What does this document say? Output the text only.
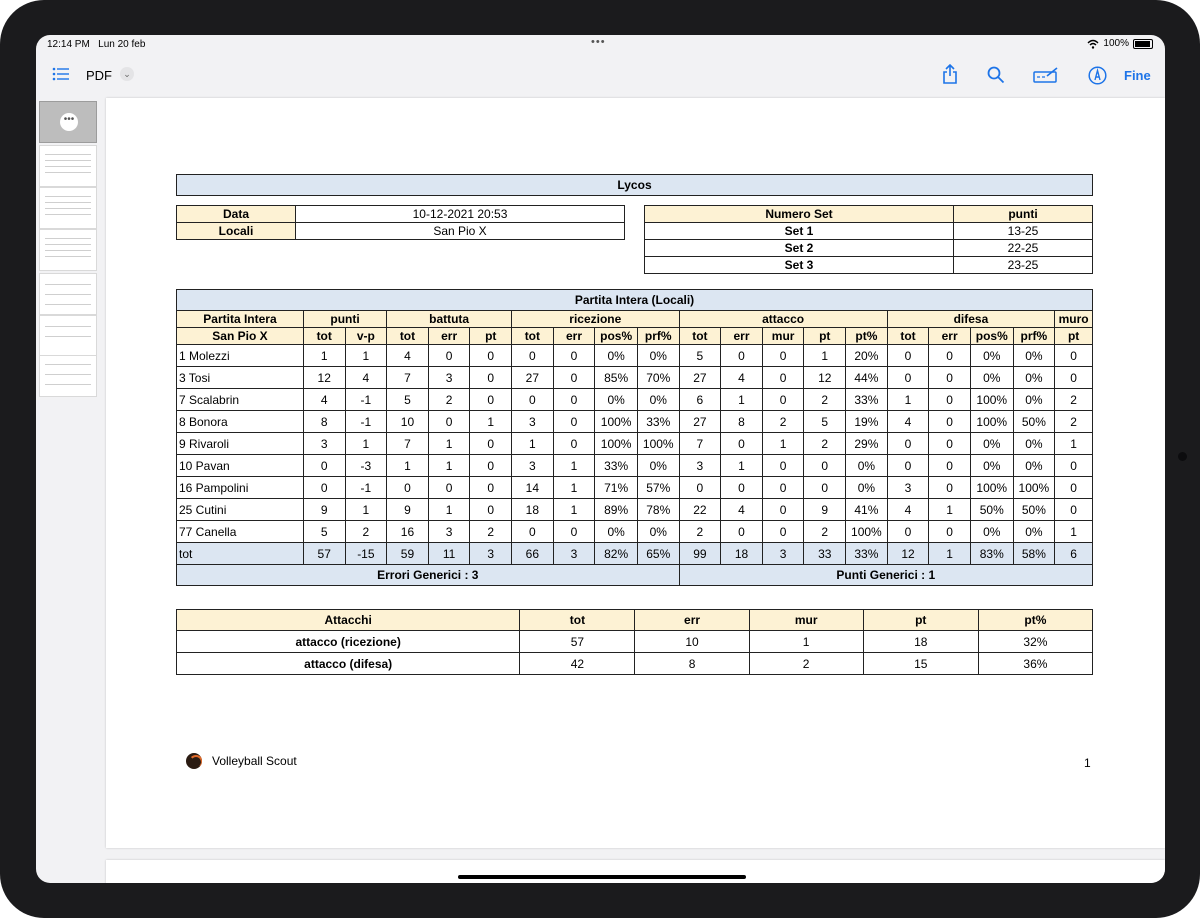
12:14 PM Lun 20 feb	•••	100%
PDF	⌄	Fine
•••
Lycos
Data	10-12-2021 20:53
Locali	San Pio X
Numero Set	punti
Set 1	13-25
Set 2	22-25
Set 3	23-25
Partita Intera (Locali)																			
Partita Intera	punti		battuta			ricezione				attacco					difesa				muro
San Pio X	tot	v-p	tot	err	pt	tot	err	pos%	prf%	tot	err	mur	pt	pt%	tot	err	pos%	prf%	pt
1 Molezzi	1	1	4	0	0	0	0	0%	0%	5	0	0	1	20%	0	0	0%	0%	0
3 Tosi	12	4	7	3	0	27	0	85%	70%	27	4	0	12	44%	0	0	0%	0%	0
7 Scalabrin	4	-1	5	2	0	0	0	0%	0%	6	1	0	2	33%	1	0	100%	0%	2
8 Bonora	8	-1	10	0	1	3	0	100%	33%	27	8	2	5	19%	4	0	100%	50%	2
9 Rivaroli	3	1	7	1	0	1	0	100%	100%	7	0	1	2	29%	0	0	0%	0%	1
10 Pavan	0	-3	1	1	0	3	1	33%	0%	3	1	0	0	0%	0	0	0%	0%	0
16 Pampolini	0	-1	0	0	0	14	1	71%	57%	0	0	0	0	0%	3	0	100%	100%	0
25 Cutini	9	1	9	1	0	18	1	89%	78%	22	4	0	9	41%	4	1	50%	50%	0
77 Canella	5	2	16	3	2	0	0	0%	0%	2	0	0	2	100%	0	0	0%	0%	1
tot	57	-15	59	11	3	66	3	82%	65%	99	18	3	33	33%	12	1	83%	58%	6
Errori Generici : 3										Punti Generici : 1									
Attacchi	tot	err	mur	pt	pt%
attacco (ricezione)	57	10	1	18	32%
attacco (difesa)	42	8	2	15	36%
Volleyball Scout	1
